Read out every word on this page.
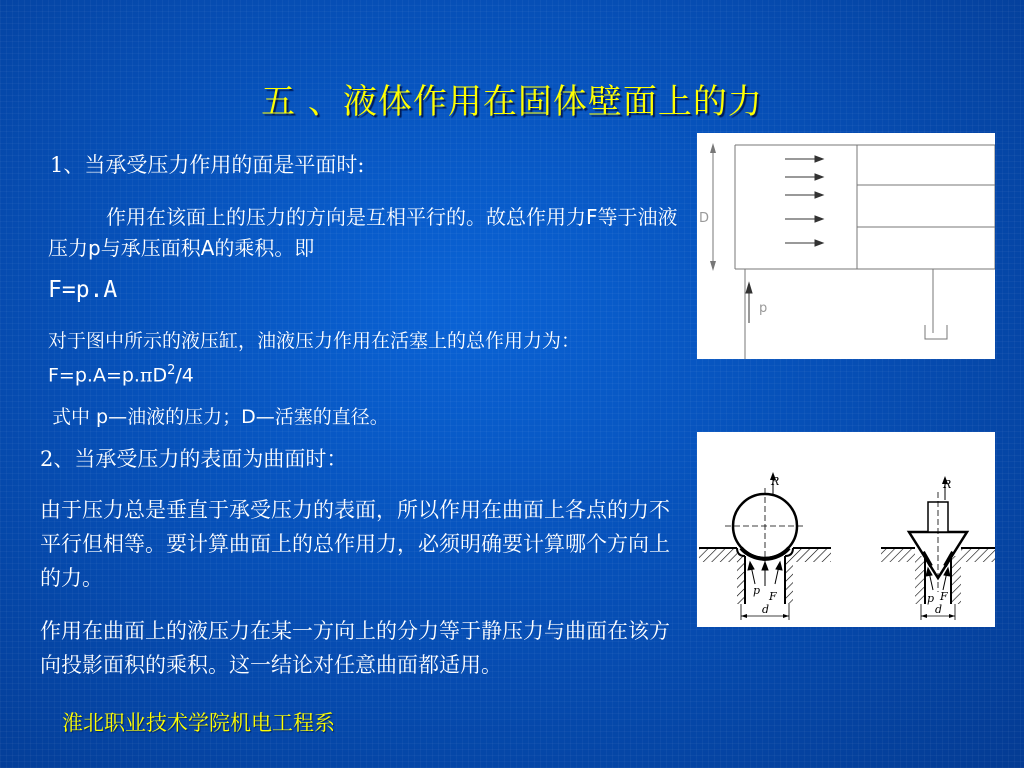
五 、液体作用在固体壁面上的力
1、当承受压力作用的面是平面时:
作用在该面上的压力的方向是互相平行的。故总作用力F等于油液压力p与承压面积A的乘积。即
F=p.A
对于图中所示的液压缸，油液压力作用在活塞上的总作用力为：$F=p.A=p.\pi D^2/4$
式中 p—油液的压力；D—活塞的直径。
2、当承受压力的表面为曲面时：
由于压力总是垂直于承受压力的表面，所以作用在曲面上各点的力不平行但相等。要计算曲面上的总作用力，必须明确要计算哪个方向上的力。
作用在曲面上的液压力在某一方向上的分力等于静压力与曲面在该方向投影面积的乘积。这一结论对任意曲面都适用。
淮北职业技术学院机电工程系
D
p
R
p F
d
R
p F
d
